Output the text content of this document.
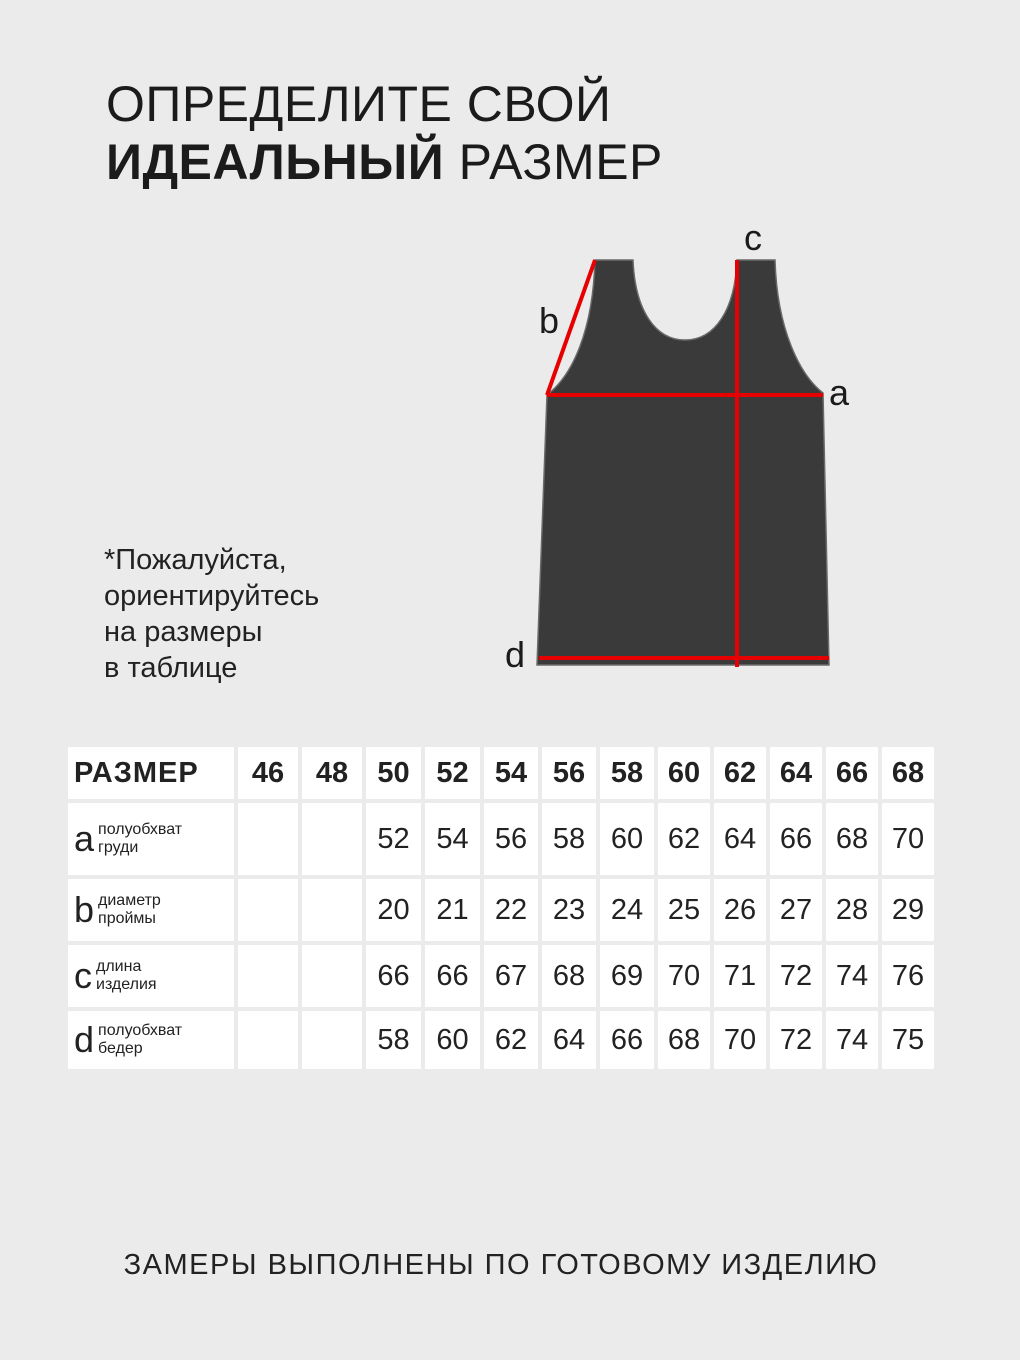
ОПРЕДЕЛИТЕ СВОЙ
ИДЕАЛЬНЫЙ РАЗМЕР
*Пожалуйста,
ориентируйтесь
на размеры
в таблице
c
b
a
d
РАЗМЕР	46	48	50	52	54	56	58	60	62	64	66	68

a полуобхват
груди			52	54	56	58	60	62	64	66	68	70

b диаметр
проймы			20	21	22	23	24	25	26	27	28	29

c длина
изделия			66	66	67	68	69	70	71	72	74	76

d полуобхват
бедер			58	60	62	64	66	68	70	72	74	75
ЗАМЕРЫ ВЫПОЛНЕНЫ ПО ГОТОВОМУ ИЗДЕЛИЮ
